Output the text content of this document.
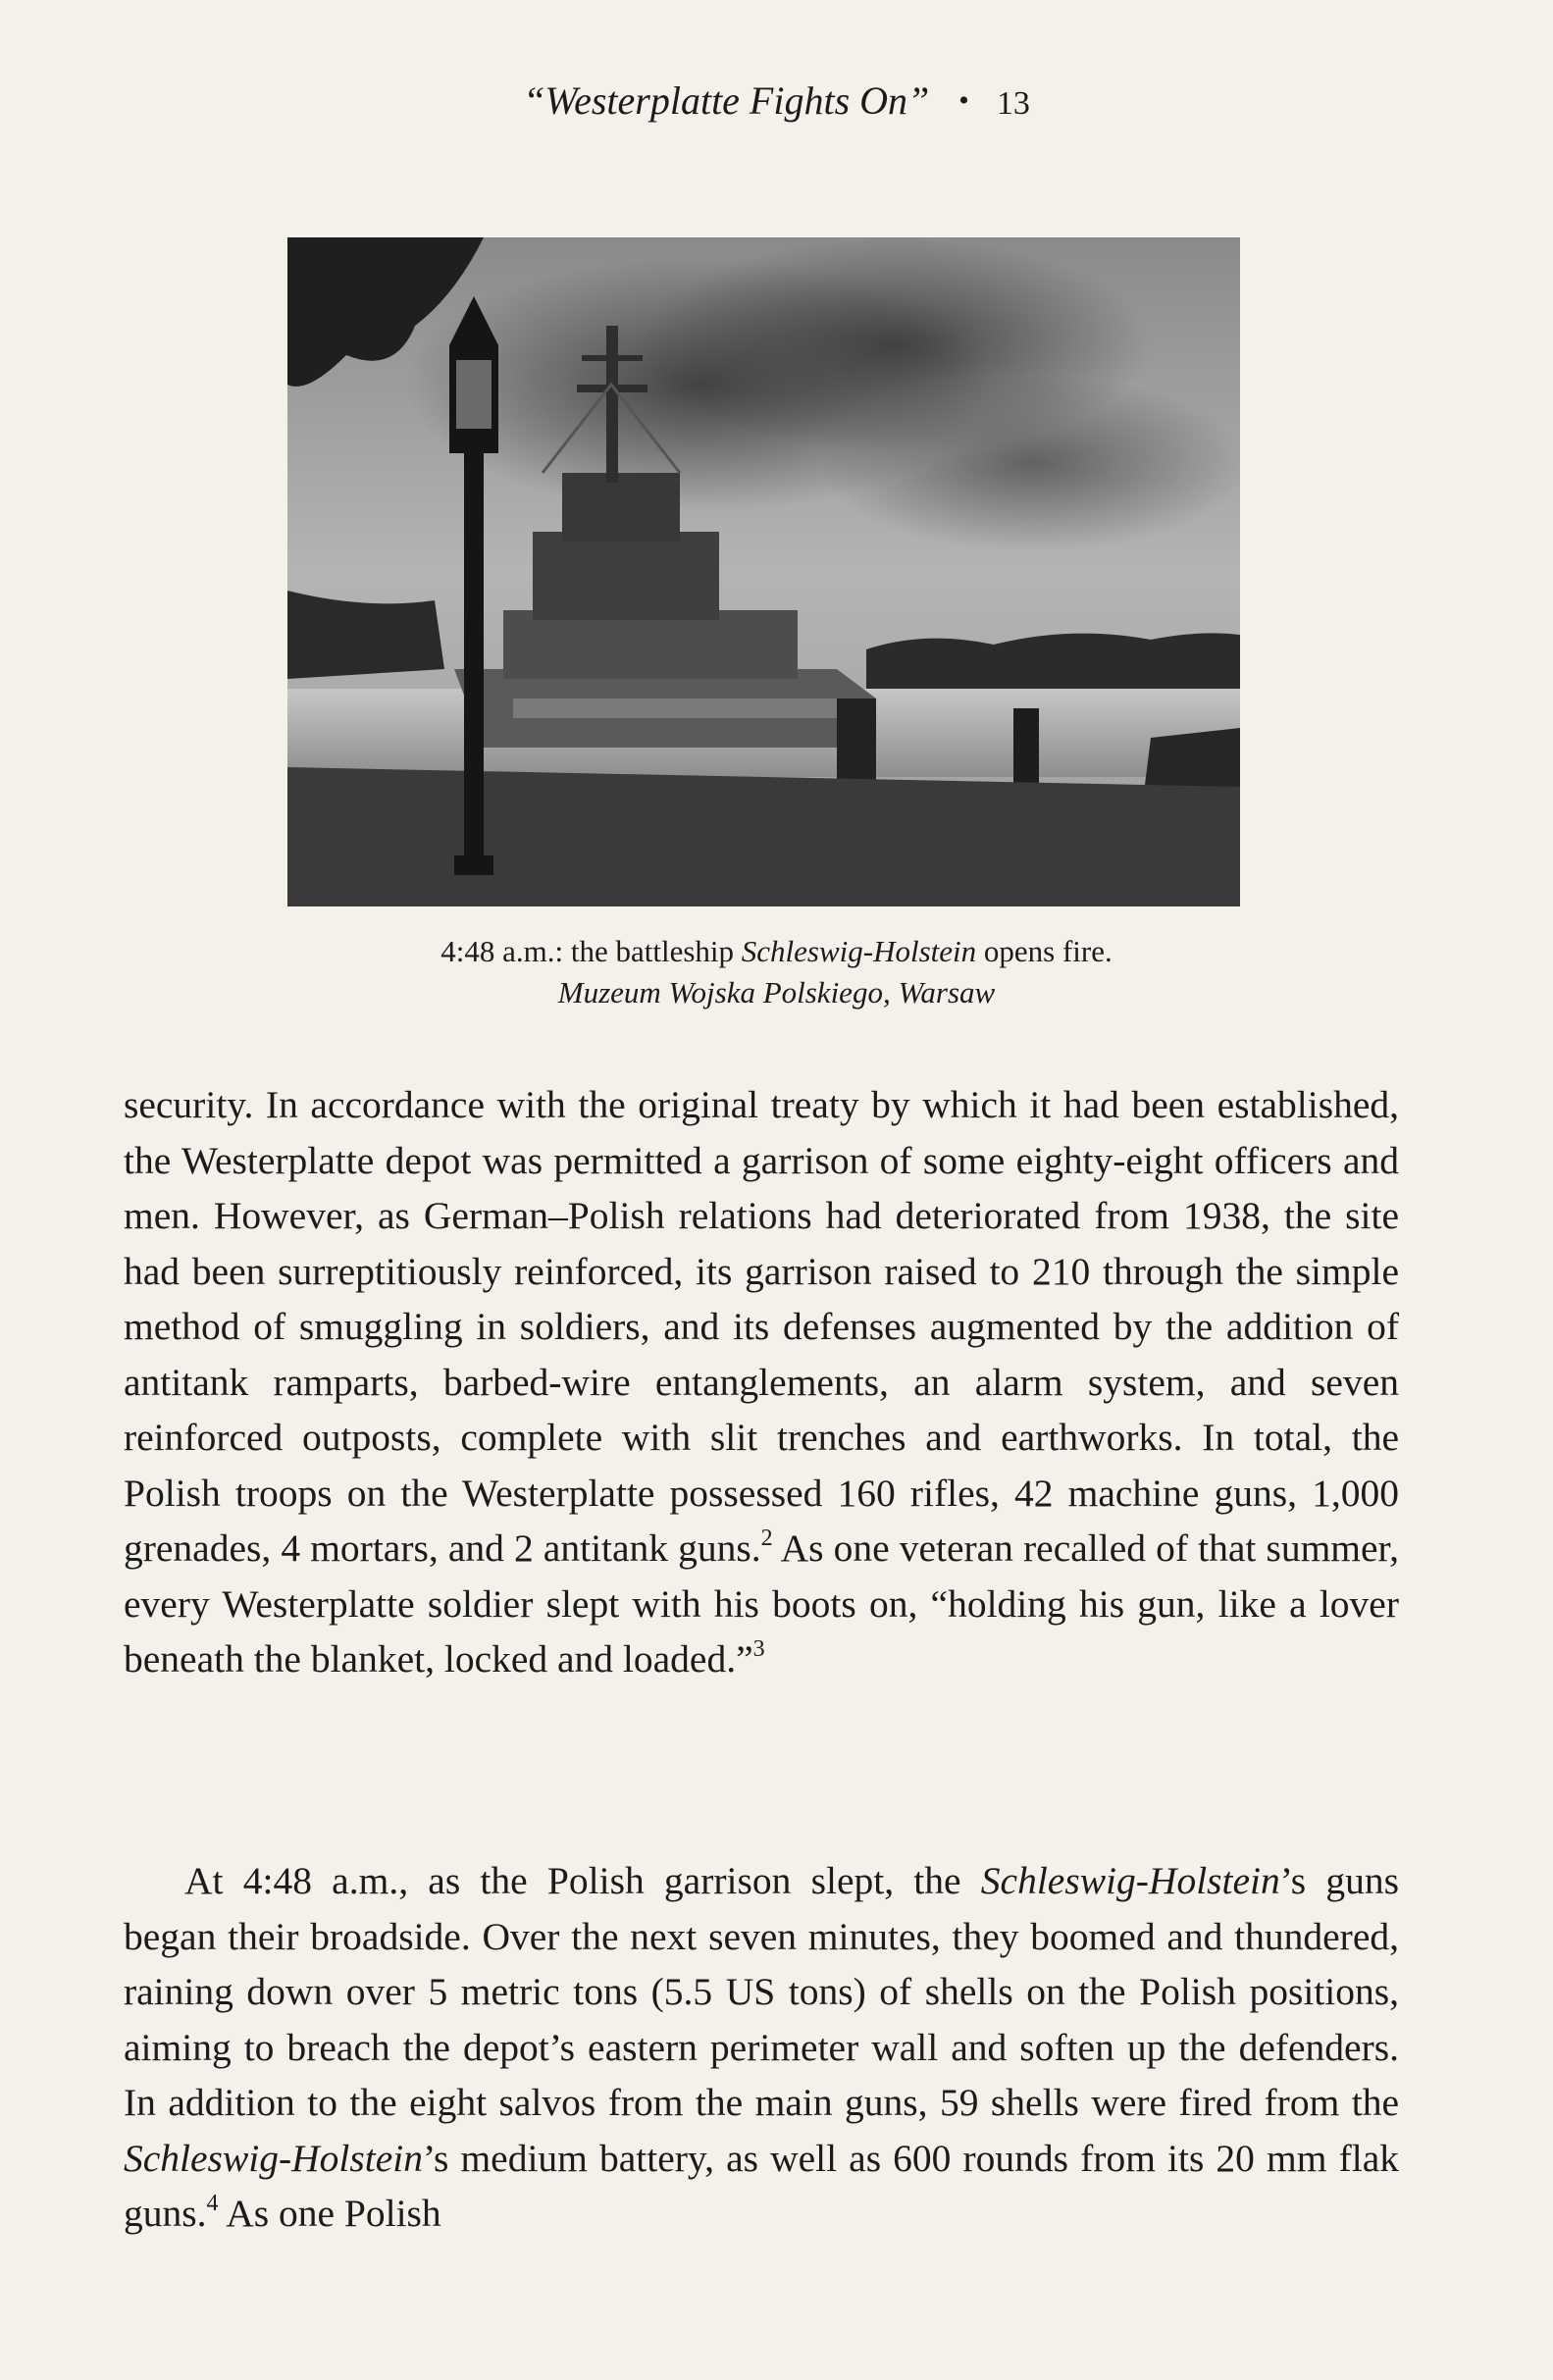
“Westerplatte Fights On” • 13
4:48 a.m.: the battleship Schleswig-Holstein opens fire.
Muzeum Wojska Polskiego, Warsaw

security. In accordance with the original treaty by which it had been established, the Westerplatte depot was permitted a garrison of some eighty-eight officers and men. However, as German–Polish relations had deteriorated from 1938, the site had been surreptitiously reinforced, its garrison raised to 210 through the simple method of smuggling in soldiers, and its defenses augmented by the addition of antitank ramparts, barbed-wire entanglements, an alarm system, and seven reinforced outposts, complete with slit trenches and earthworks. In total, the Polish troops on the Westerplatte possessed 160 rifles, 42 machine guns, 1,000 grenades, 4 mortars, and 2 antitank guns.$^2$ As one veteran recalled of that summer, every Westerplatte soldier slept with his boots on, “holding his gun, like a lover beneath the blanket, locked and loaded.”$^3$

At 4:48 a.m., as the Polish garrison slept, the Schleswig-Holstein’s guns began their broadside. Over the next seven minutes, they boomed and thundered, raining down over 5 metric tons (5.5 US tons) of shells on the Polish positions, aiming to breach the depot’s eastern perimeter wall and soften up the defenders. In addition to the eight salvos from the main guns, 59 shells were fired from the Schleswig-Holstein’s medium battery, as well as 600 rounds from its 20 mm flak guns.$^4$ As one Polish
